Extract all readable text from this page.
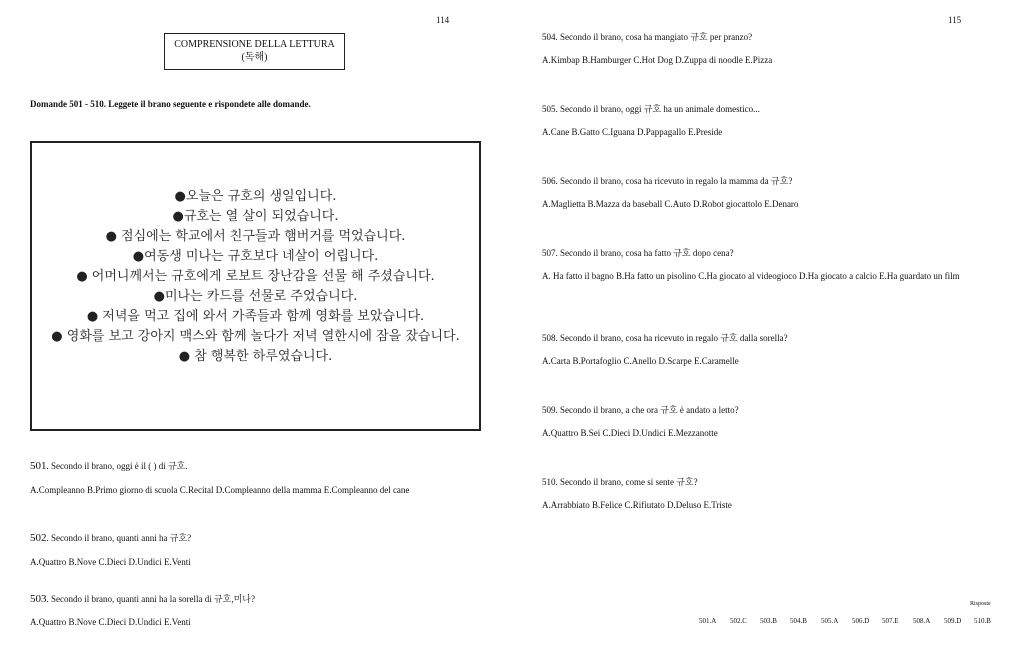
114
COMPRENSIONE DELLA LETTURA
(독해)
Domande 501 - 510. Leggete il brano seguente e rispondete alle domande.
●오늘은 규호의 생일입니다.
●규호는 열 살이 되었습니다.
● 점심에는 학교에서 친구들과 햄버거를 먹었습니다.
●여동생 미나는 규호보다 네살이 어립니다.
● 어머니께서는 규호에게 로보트 장난감을 선물 해 주셨습니다.
●미나는 카드를 선물로 주었습니다.
● 저녁을 먹고 집에 와서 가족들과 함께 영화를 보았습니다.
● 영화를 보고 강아지 맥스와 함께 놀다가 저녁 열한시에 잠을 잤습니다.
● 참 행복한 하루였습니다.
501. Secondo il brano, oggi è il ( ) di 규호.
A.Compleanno B.Primo giorno di scuola C.Recital D.Compleanno della mamma E.Compleanno del cane
502. Secondo il brano, quanti anni ha 규호?
A.Quattro B.Nove C.Dieci D.Undici E.Venti
503. Secondo il brano, quanti anni ha la sorella di 규호,미나?
A.Quattro B.Nove C.Dieci D.Undici E.Venti
115
504. Secondo il brano, cosa ha mangiato 규호 per pranzo?
A.Kimbap B.Hamburger C.Hot Dog D.Zuppa di noodle E.Pizza
505. Secondo il brano, oggi 규호 ha un animale domestico...
A.Cane B.Gatto C.Iguana D.Pappagallo E.Preside
506. Secondo il brano, cosa ha ricevuto in regalo la mamma da 규호?
A.Maglietta B.Mazza da baseball C.Auto D.Robot giocattolo E.Denaro
507. Secondo il brano, cosa ha fatto 규호 dopo cena?
A. Ha fatto il bagno B.Ha fatto un pisolino C.Ha giocato al videogioco D.Ha giocato a calcio E.Ha guardato un film
508. Secondo il brano, cosa ha ricevuto in regalo 규호 dalla sorella?
A.Carta B.Portafoglio C.Anello D.Scarpe E.Caramelle
509. Secondo il brano, a che ora 규호 è andato a letto?
A.Quattro B.Sei C.Dieci D.Undici E.Mezzanotte
510. Secondo il brano, come si sente 규호?
A.Arrabbiato B.Felice C.Rifiutato D.Deluso E.Triste
Risposte
501.A 502.C 503.B 504.B 505.A 506.D 507.E 508.A 509.D 510.B
